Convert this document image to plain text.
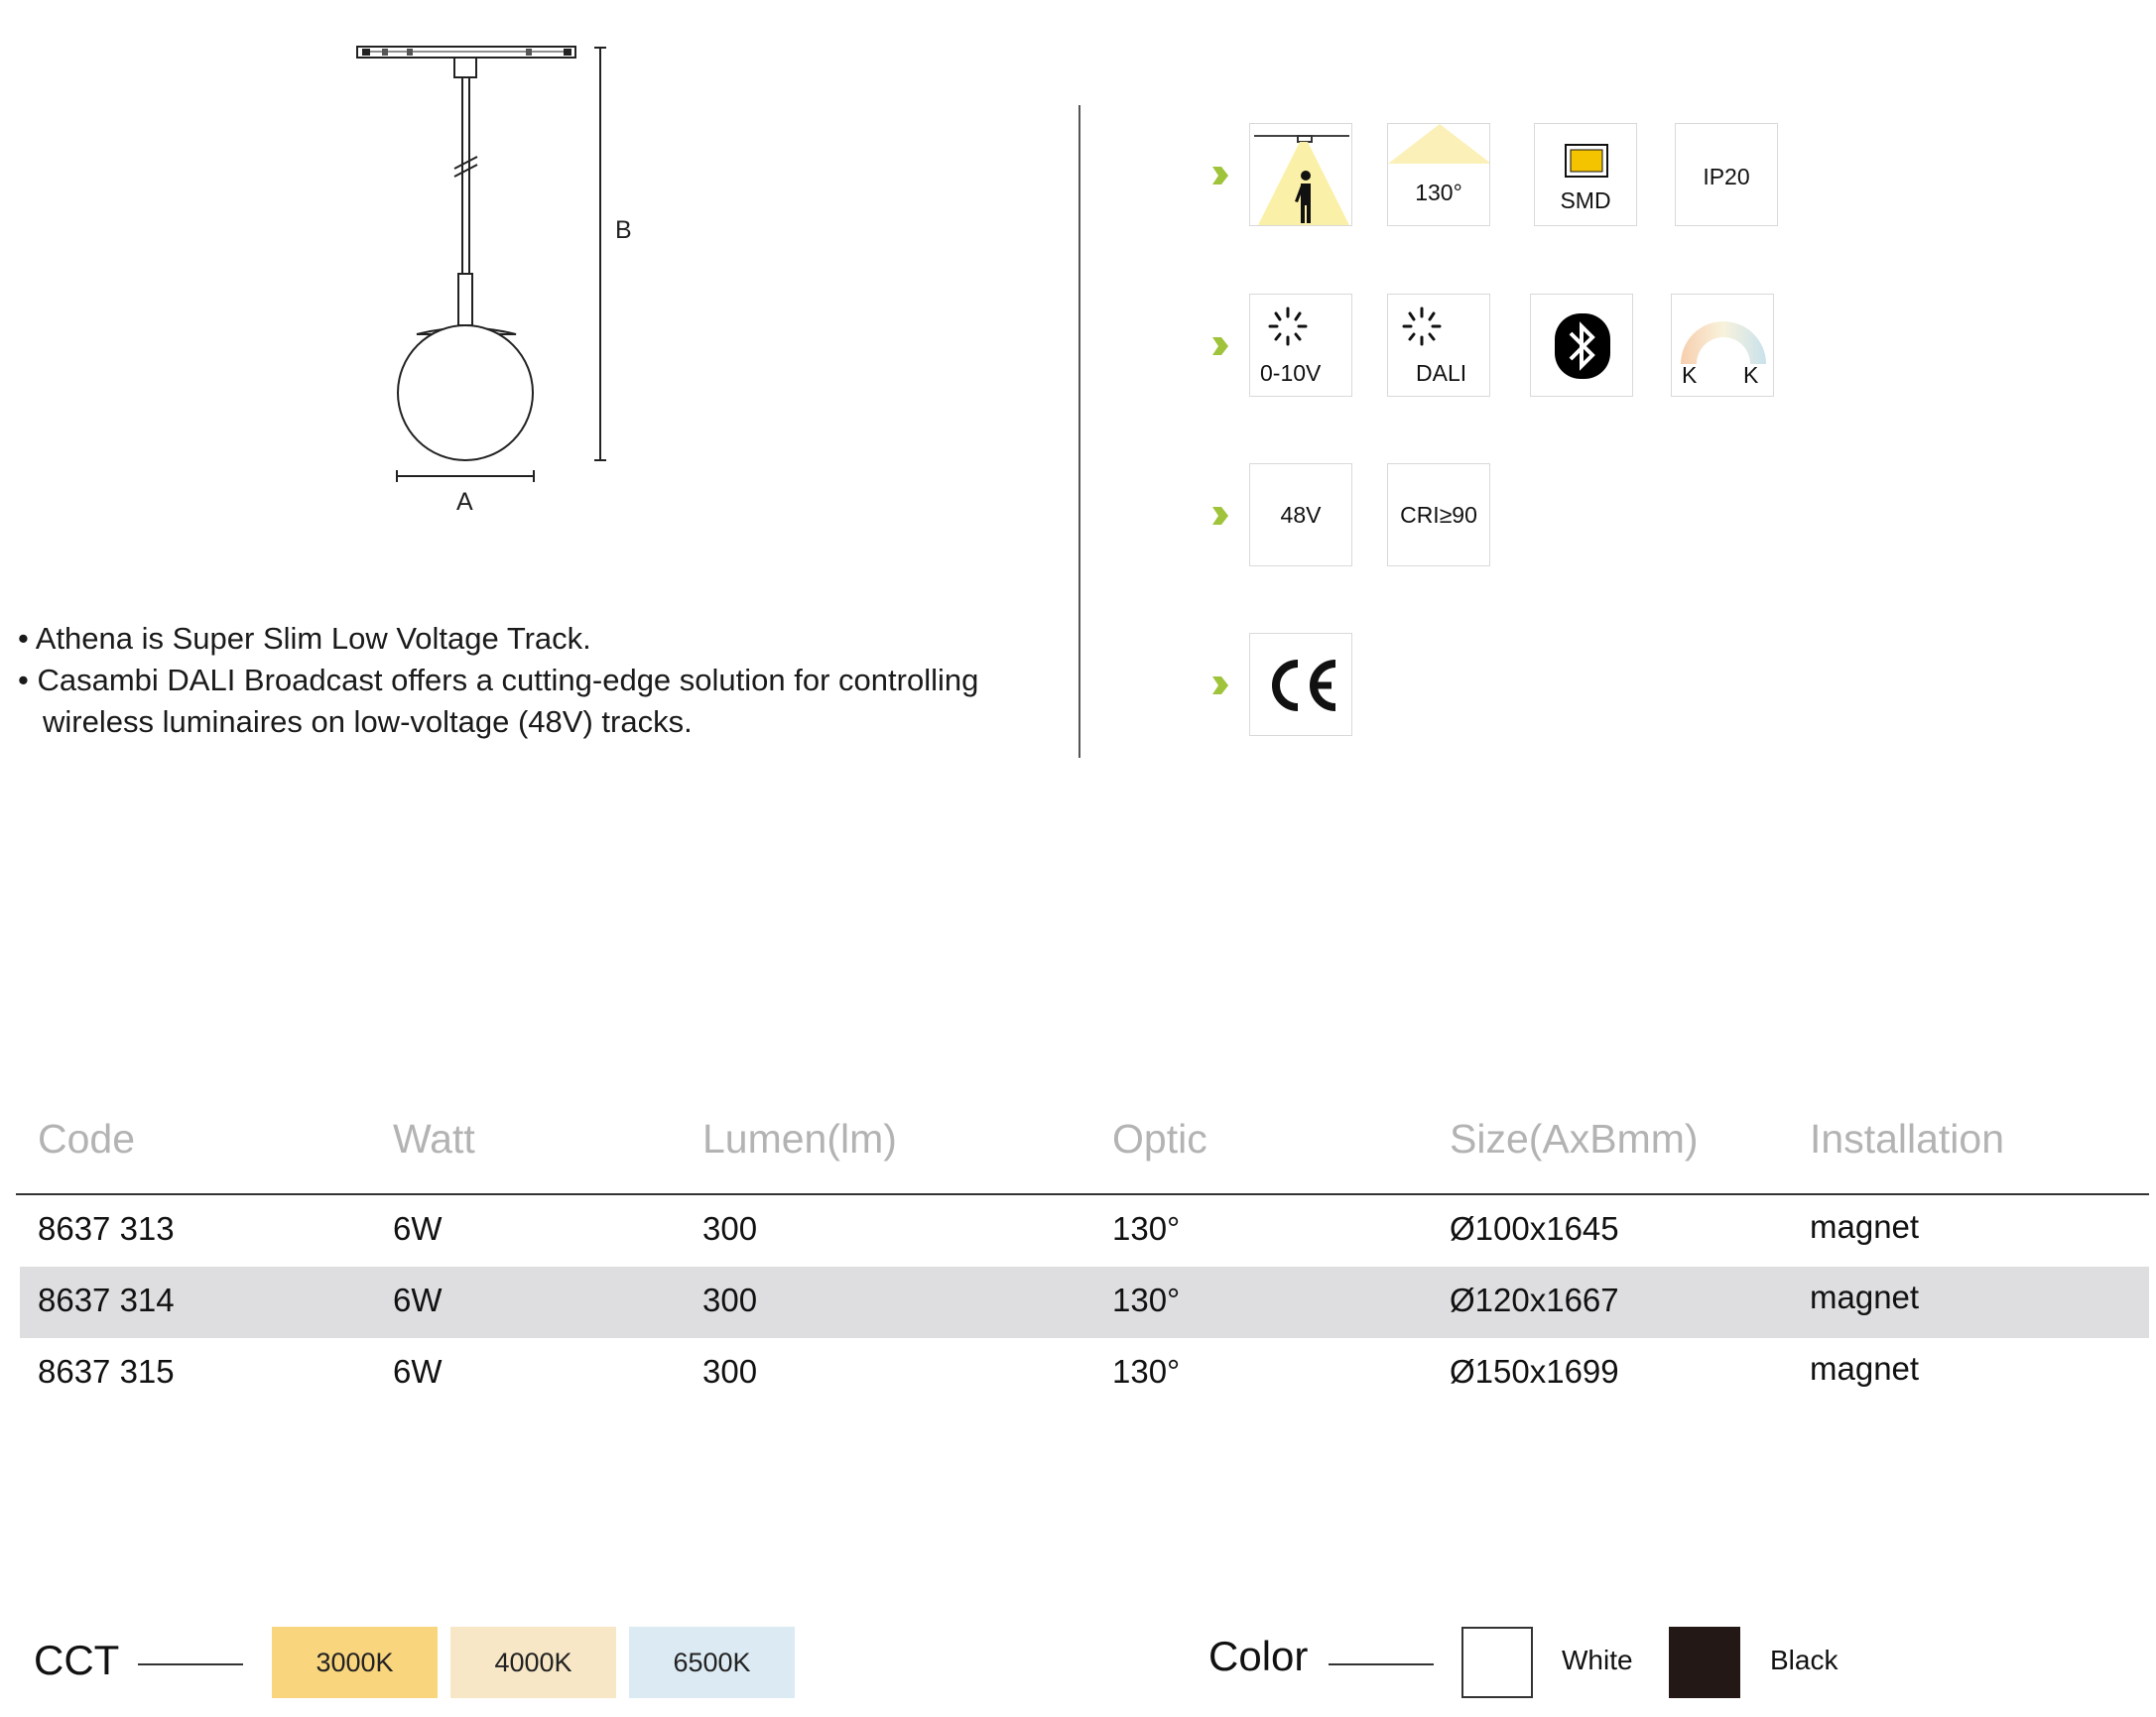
B
A
• Athena is Super Slim Low Voltage Track.
• Casambi DALI Broadcast offers a cutting-edge solution for controlling
wireless luminaires on low-voltage (48V) tracks.
130°	SMD
IP20
0-10V	DALI	K K
48V	CRI≥90
Code	Watt	Lumen(lm)	Optic	Size(AxBmm)	Installation
8637 313	6W	300	130°	Ø100x1645	magnet
8637 314	6W	300	130°	Ø120x1667	magnet
8637 315	6W	300	130°	Ø150x1699	magnet
CCT	3000K	4000K	6500K	Color	White	Black
